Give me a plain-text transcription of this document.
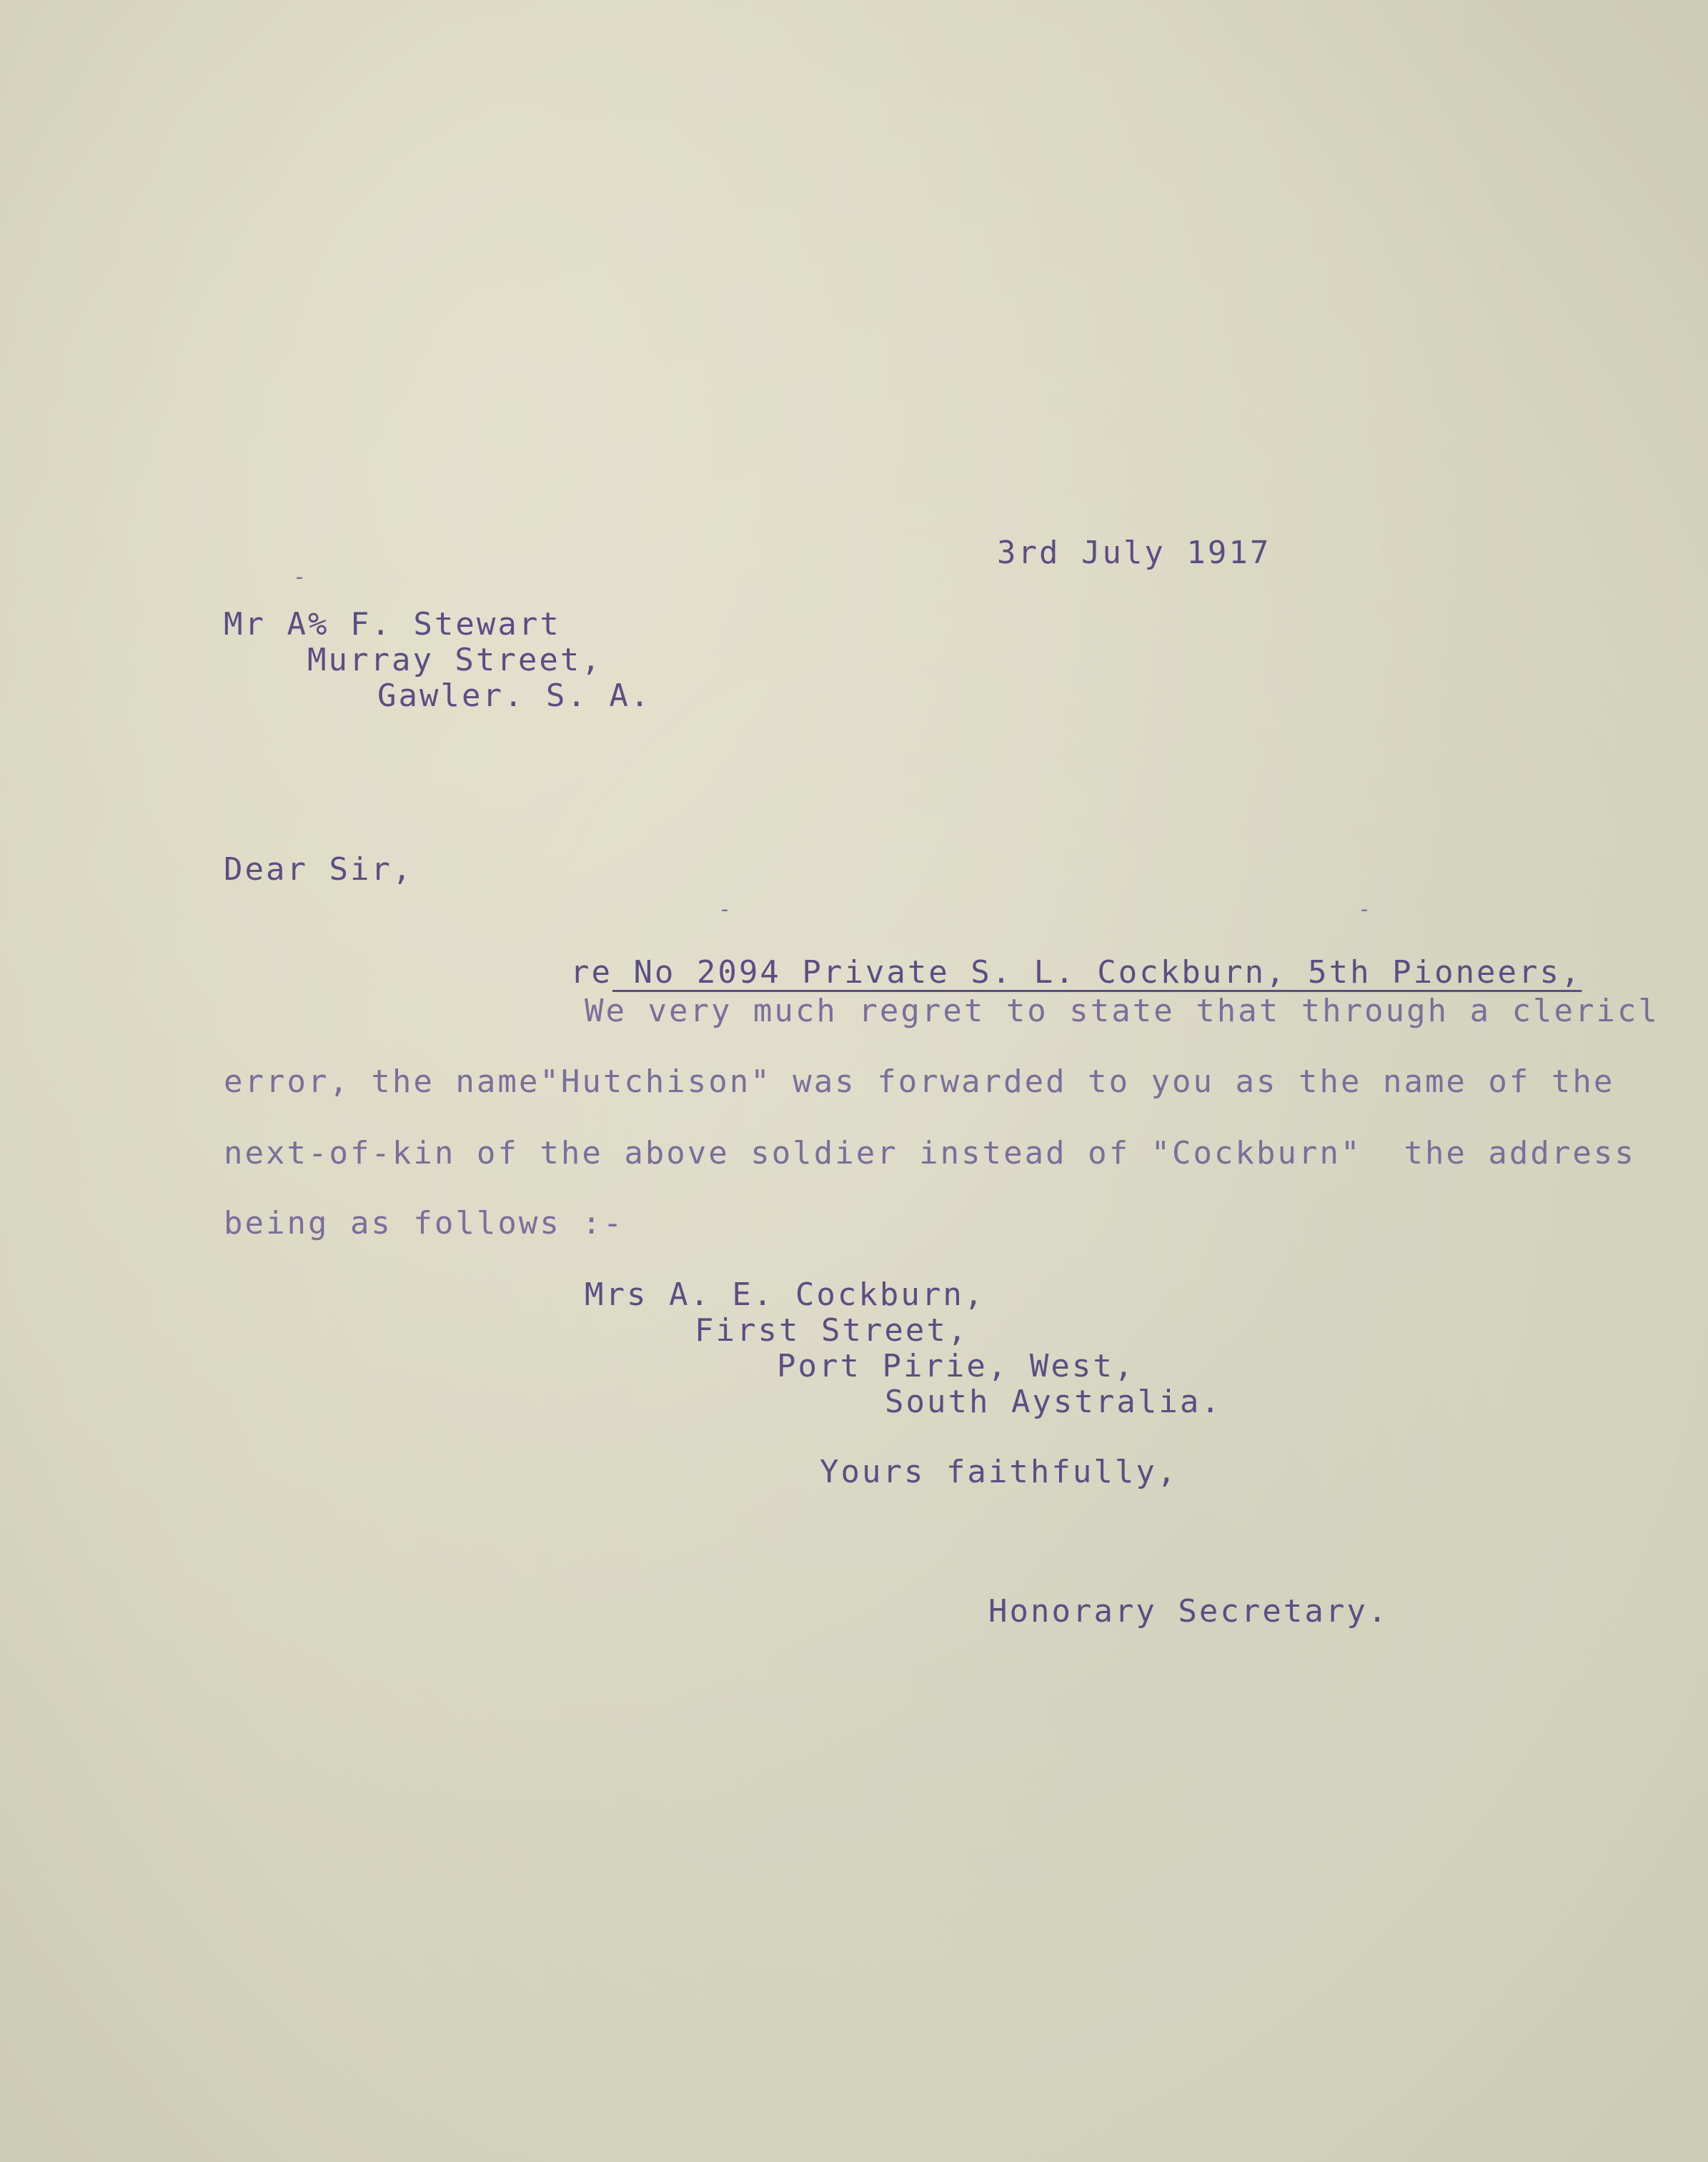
-
-	-
3rd July 1917
Mr A% F. Stewart
Murray Street,
Gawler. S. A.
Dear Sir,

re No 2094 Private S. L. Cockburn, 5th Pioneers,

We very much regret to state that through a clericl
error, the name"Hutchison" was forwarded to you as the name of the
next-of-kin of the above soldier instead of "Cockburn"  the address
being as follows :-
Mrs A. E. Cockburn,
First Street,
Port Pirie, West,
South Aystralia.
Yours faithfully,
Honorary Secretary.
